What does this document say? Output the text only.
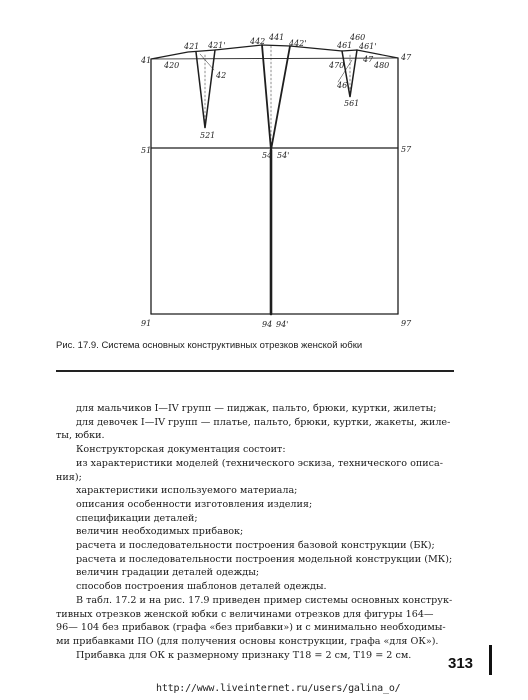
41
420
421 421'
42
442 441
442'	461
460
461'
470
46
47
480
47
561
521
51
54 54'
57
91	94 94'	97
Рис. 17.9. Система основных конструктивных отрезков женской юбки

для мальчиков I—IV групп — пиджак, пальто, брюки, куртки, жилеты;

для девочек I—IV групп — платье, пальто, брюки, куртки, жакеты, жиле-

ты, юбки.

Конструкторская документация состоит:

из характеристики моделей (технического эскиза, технического описа-

ния);

характеристики используемого материала;

описания особенности изготовления изделия;

спецификации деталей;

величин необходимых прибавок;

расчета и последовательности построения базовой конструкции (БК);

расчета и последовательности построения модельной конструкции (МК);

величин градации деталей одежды;

способов построения шаблонов деталей одежды.

В табл. 17.2 и на рис. 17.9 приведен пример системы основных конструк-

тивных отрезков женской юбки с величинами отрезков для фигуры 164—

96— 104 без прибавок (графа «без прибавки») и с минимально необходимы-

ми прибавками ПО (для получения основы конструкции, графа «для ОК»).

Прибавка для ОК к размерному признаку Т18 = 2 см, Т19 = 2 см.	313
http://www.liveinternet.ru/users/galina_o/
